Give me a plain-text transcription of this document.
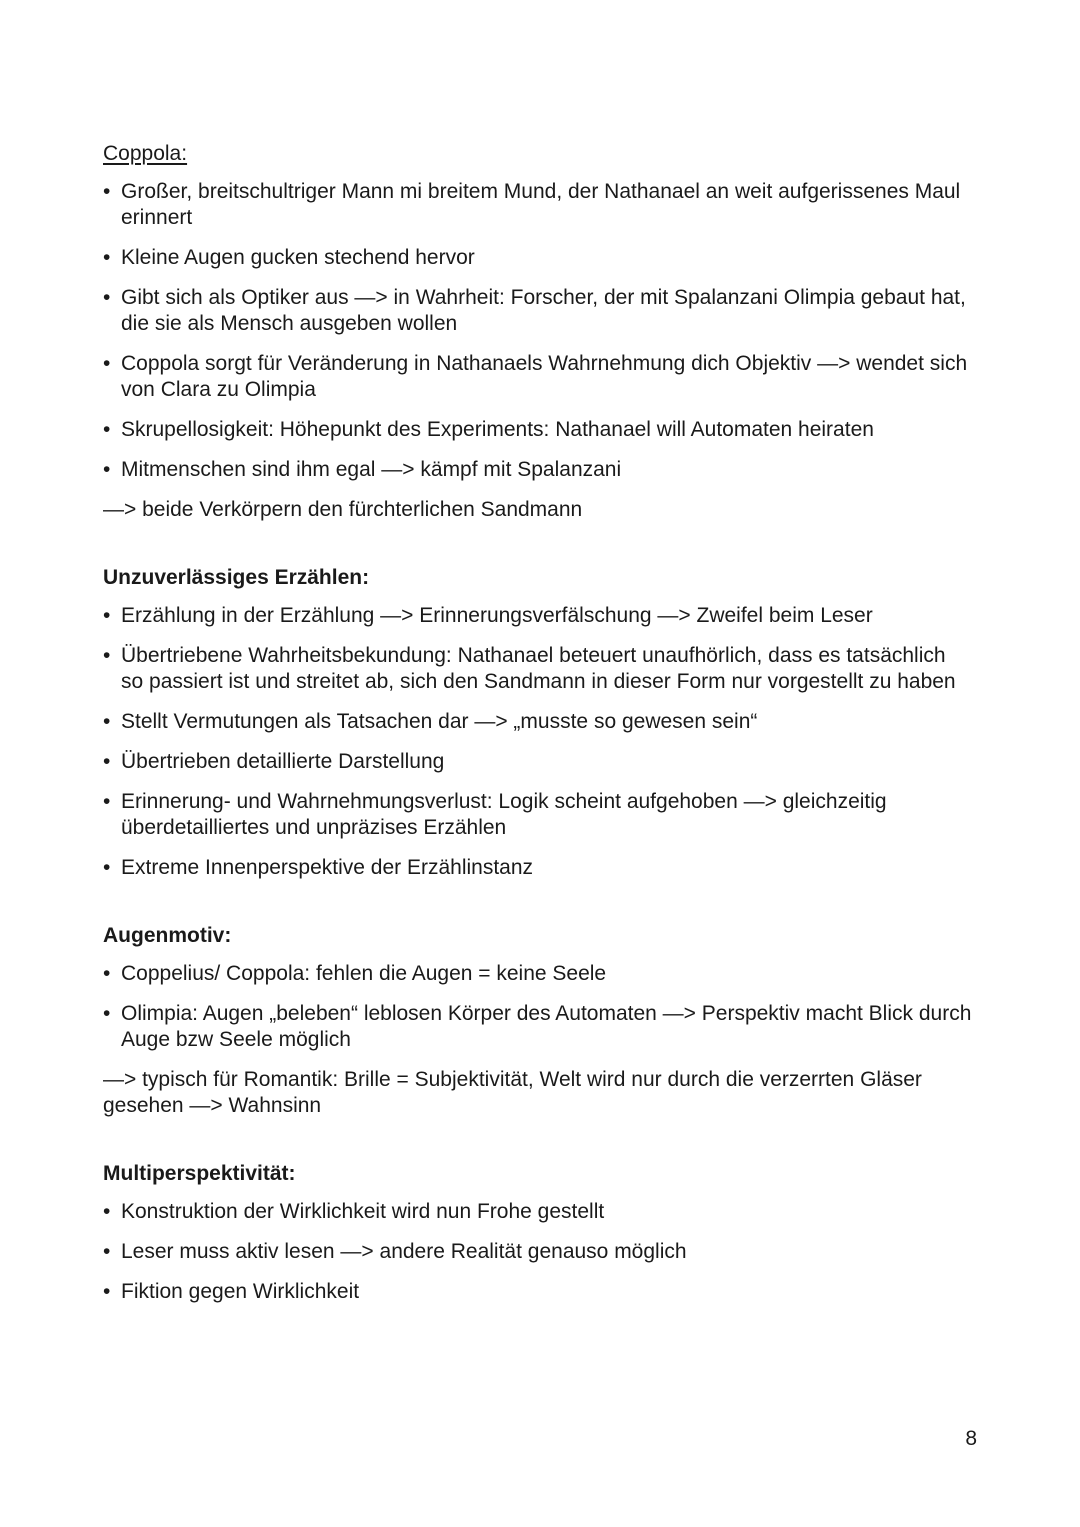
Coppola:
• Großer, breitschultriger Mann mi breitem Mund, der Nathanael an weit aufgerissenes Maul erinnert
• Kleine Augen gucken stechend hervor
• Gibt sich als Optiker aus —> in Wahrheit: Forscher, der mit Spalanzani Olimpia gebaut hat, die sie als Mensch ausgeben wollen
• Coppola sorgt für Veränderung in Nathanaels Wahrnehmung dich Objektiv —> wendet sich von Clara zu Olimpia
• Skrupellosigkeit: Höhepunkt des Experiments: Nathanael will Automaten heiraten
• Mitmenschen sind ihm egal —> kämpf mit Spalanzani
—> beide Verkörpern den fürchterlichen Sandmann
Unzuverlässiges Erzählen:
• Erzählung in der Erzählung —> Erinnerungsverfälschung —> Zweifel beim Leser
• Übertriebene Wahrheitsbekundung: Nathanael beteuert unaufhörlich, dass es tatsächlich so passiert ist und streitet ab, sich den Sandmann in dieser Form nur vorgestellt zu haben
• Stellt Vermutungen als Tatsachen dar —> „musste so gewesen sein“
• Übertrieben detaillierte Darstellung
• Erinnerung- und Wahrnehmungsverlust: Logik scheint aufgehoben —> gleichzeitig überdetailliertes und unpräzises Erzählen
• Extreme Innenperspektive der Erzählinstanz
Augenmotiv:
• Coppelius/ Coppola: fehlen die Augen = keine Seele
• Olimpia: Augen „beleben“ leblosen Körper des Automaten —> Perspektiv macht Blick durch Auge bzw Seele möglich
—> typisch für Romantik: Brille = Subjektivität, Welt wird nur durch die verzerrten Gläser gesehen —> Wahnsinn
Multiperspektivität:
• Konstruktion der Wirklichkeit wird nun Frohe gestellt
• Leser muss aktiv lesen —> andere Realität genauso möglich
• Fiktion gegen Wirklichkeit
8
